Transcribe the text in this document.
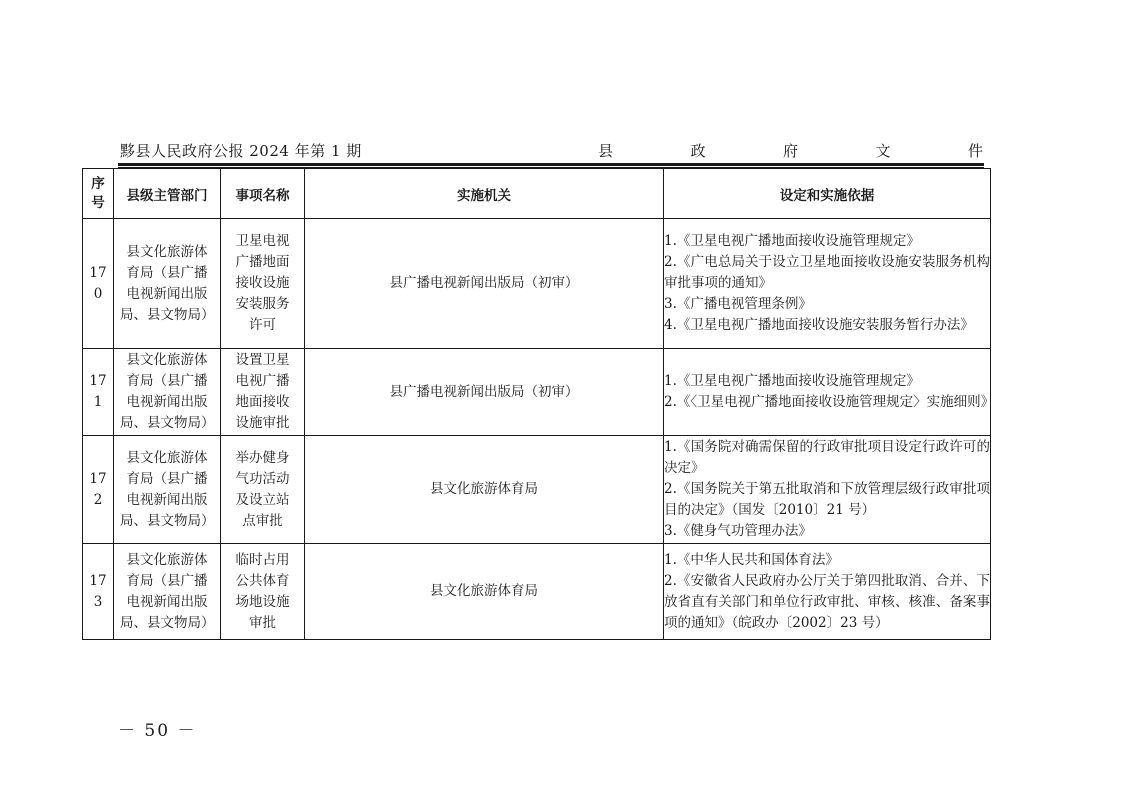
黟县人民政府公报 2024 年第 1 期	县	政	府	文	件
序号	县级主管部门	事项名称	实施机关	设定和实施依据

170	县文化旅游体育局（县广播电视新闻出版局、县文物局）	卫星电视广播地面接收设施安装服务许可	县广播电视新闻出版局（初审）	1.《卫星电视广播地面接收设施管理规定》
2.《广电总局关于设立卫星地面接收设施安装服务机构审批事项的通知》
3.《广播电视管理条例》
4.《卫星电视广播地面接收设施安装服务暂行办法》

171	县文化旅游体育局（县广播电视新闻出版局、县文物局）	设置卫星电视广播地面接收设施审批	县广播电视新闻出版局（初审）	1.《卫星电视广播地面接收设施管理规定》
2.《〈卫星电视广播地面接收设施管理规定〉实施细则》

172	县文化旅游体育局（县广播电视新闻出版局、县文物局）	举办健身气功活动及设立站点审批	县文化旅游体育局	1.《国务院对确需保留的行政审批项目设定行政许可的决定》
2.《国务院关于第五批取消和下放管理层级行政审批项目的决定》（国发〔2010〕21 号）
3.《健身气功管理办法》

173	县文化旅游体育局（县广播电视新闻出版局、县文物局）	临时占用公共体育场地设施审批	县文化旅游体育局	1.《中华人民共和国体育法》
2.《安徽省人民政府办公厅关于第四批取消、合并、下放省直有关部门和单位行政审批、审核、核准、备案事项的通知》（皖政办〔2002〕23 号）
－ 50 －
